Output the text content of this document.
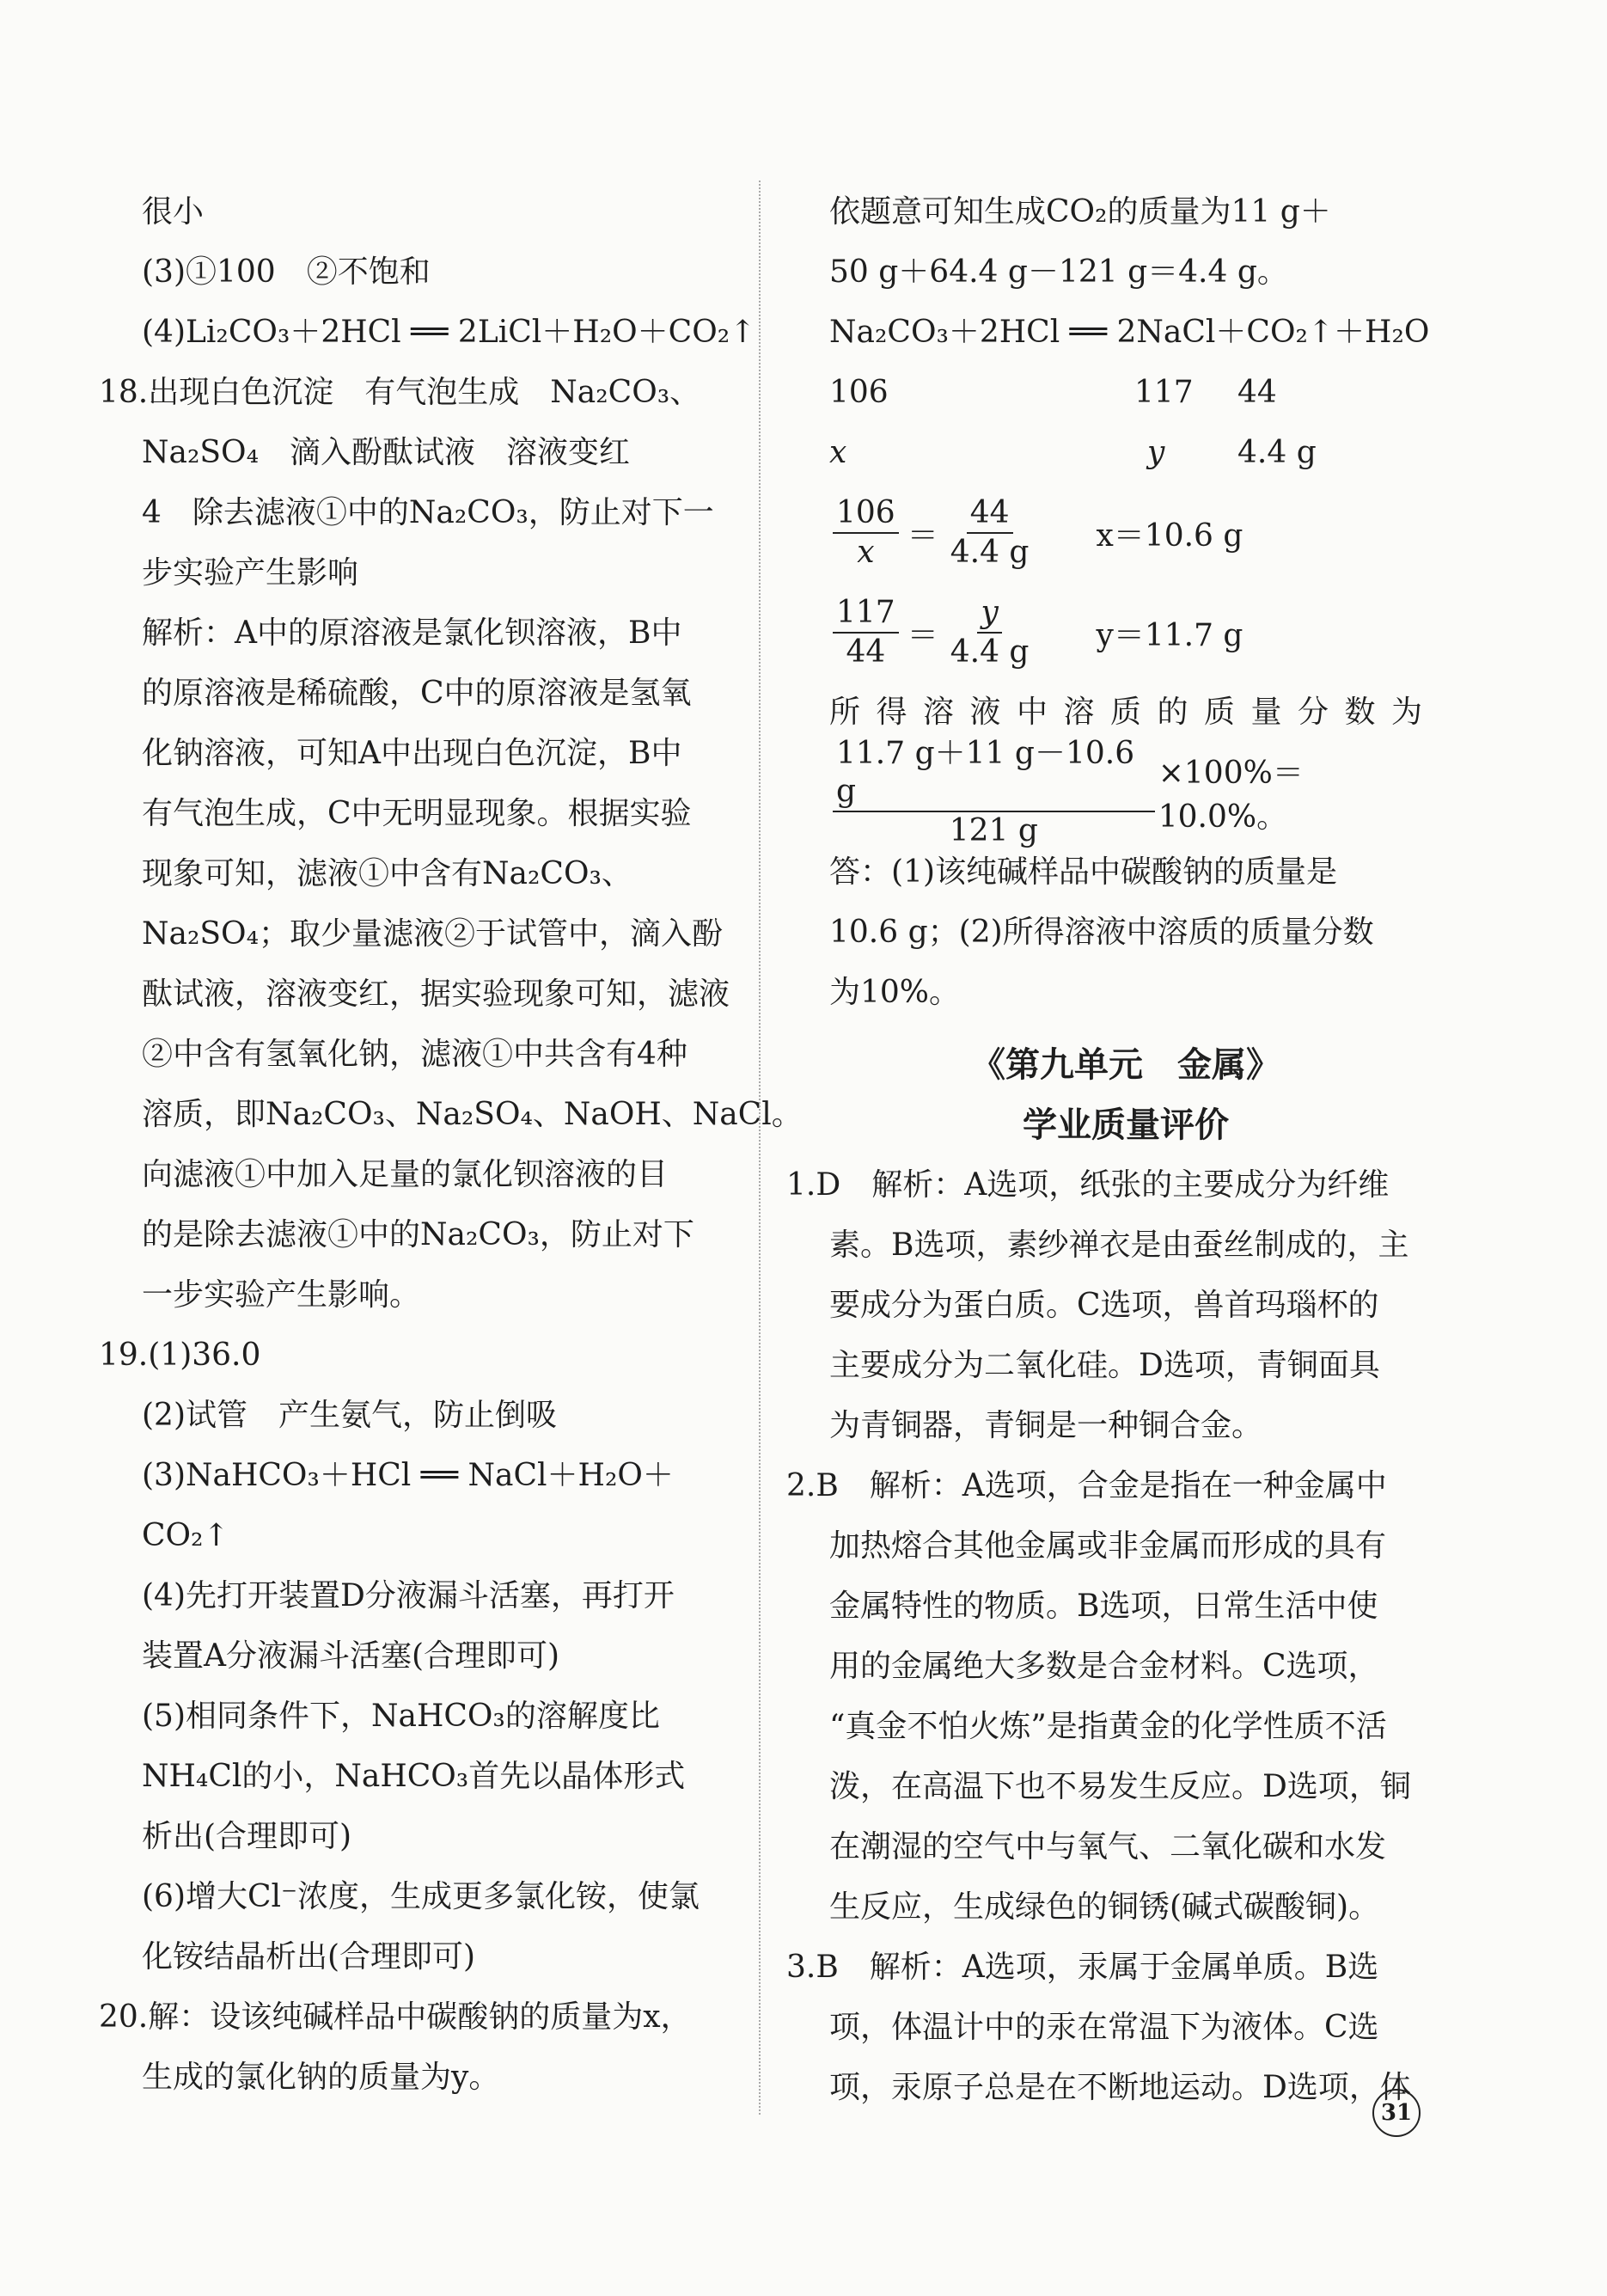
很小
(3)①100　②不饱和
(4)Li₂CO₃＋2HCl ══ 2LiCl＋H₂O＋CO₂↑
18.出现白色沉淀　有气泡生成　Na₂CO₃、
Na₂SO₄　滴入酚酞试液　溶液变红
4　除去滤液①中的Na₂CO₃，防止对下一
步实验产生影响
解析：A中的原溶液是氯化钡溶液，B中
的原溶液是稀硫酸，C中的原溶液是氢氧
化钠溶液，可知A中出现白色沉淀，B中
有气泡生成，C中无明显现象。根据实验
现象可知，滤液①中含有Na₂CO₃、
Na₂SO₄；取少量滤液②于试管中，滴入酚
酞试液，溶液变红，据实验现象可知，滤液
②中含有氢氧化钠，滤液①中共含有4种
溶质，即Na₂CO₃、Na₂SO₄、NaOH、NaCl。
向滤液①中加入足量的氯化钡溶液的目
的是除去滤液①中的Na₂CO₃，防止对下
一步实验产生影响。
19.(1)36.0
(2)试管　产生氨气，防止倒吸
(3)NaHCO₃＋HCl ══ NaCl＋H₂O＋
CO₂↑
(4)先打开装置D分液漏斗活塞，再打开
装置A分液漏斗活塞(合理即可)
(5)相同条件下，NaHCO₃的溶解度比
NH₄Cl的小，NaHCO₃首先以晶体形式
析出(合理即可)
(6)增大Cl⁻浓度，生成更多氯化铵，使氯
化铵结晶析出(合理即可)
20.解：设该纯碱样品中碳酸钠的质量为x，
生成的氯化钠的质量为y。
依题意可知生成CO₂的质量为11 g＋
50 g＋64.4 g－121 g＝4.4 g。
Na₂CO₃＋2HCl ══ 2NaCl＋CO₂↑＋H₂O
106	117 44
x	y 4.4 g
$\frac{106}{x} = \frac{44}{4.4 g} x=10.6$ g
$\frac{117}{44} = \frac{y}{4.4 g} y=11.7$ g
所得溶液中溶质的质量分数为
$\frac{11.7 g+11 g-10.6 g}{121 g} \times 100\%=10.0\%$。
答：(1)该纯碱样品中碳酸钠的质量是
10.6 g；(2)所得溶液中溶质的质量分数
为10%。
《第九单元　金属》
学业质量评价
1.D　解析：A选项，纸张的主要成分为纤维
素。B选项，素纱禅衣是由蚕丝制成的，主
要成分为蛋白质。C选项，兽首玛瑙杯的
主要成分为二氧化硅。D选项，青铜面具
为青铜器，青铜是一种铜合金。
2.B　解析：A选项，合金是指在一种金属中
加热熔合其他金属或非金属而形成的具有
金属特性的物质。B选项，日常生活中使
用的金属绝大多数是合金材料。C选项，
“真金不怕火炼”是指黄金的化学性质不活
泼，在高温下也不易发生反应。D选项，铜
在潮湿的空气中与氧气、二氧化碳和水发
生反应，生成绿色的铜锈(碱式碳酸铜)。
3.B　解析：A选项，汞属于金属单质。B选
项，体温计中的汞在常温下为液体。C选
项，汞原子总是在不断地运动。D选项，体
31
